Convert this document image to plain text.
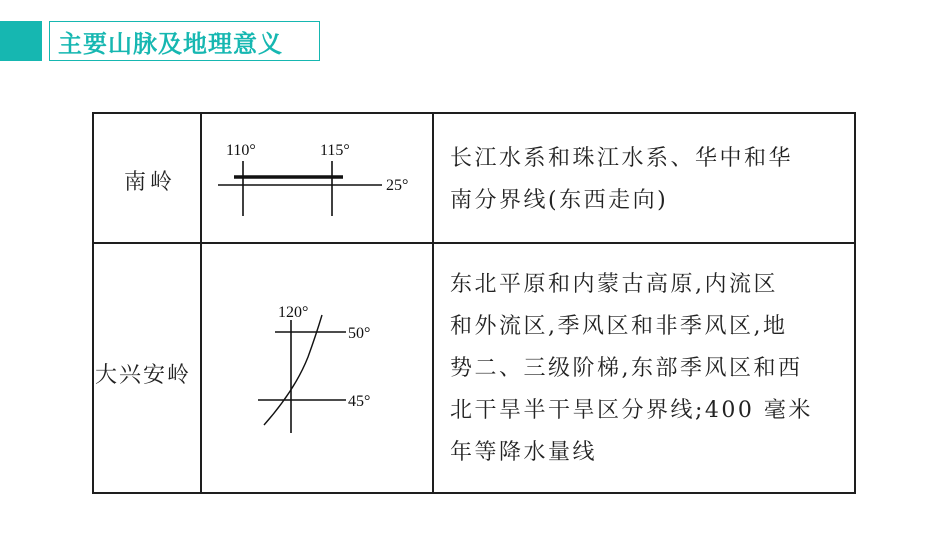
主要山脉及地理意义
南岭
110°	115°
25°
长江水系和珠江水系、华中和华
南分界线(东西走向)
大兴安岭
120°
50°
45°
东北平原和内蒙古高原,内流区
和外流区,季风区和非季风区,地
势二、三级阶梯,东部季风区和西
北干旱半干旱区分界线;400 毫米
年等降水量线
